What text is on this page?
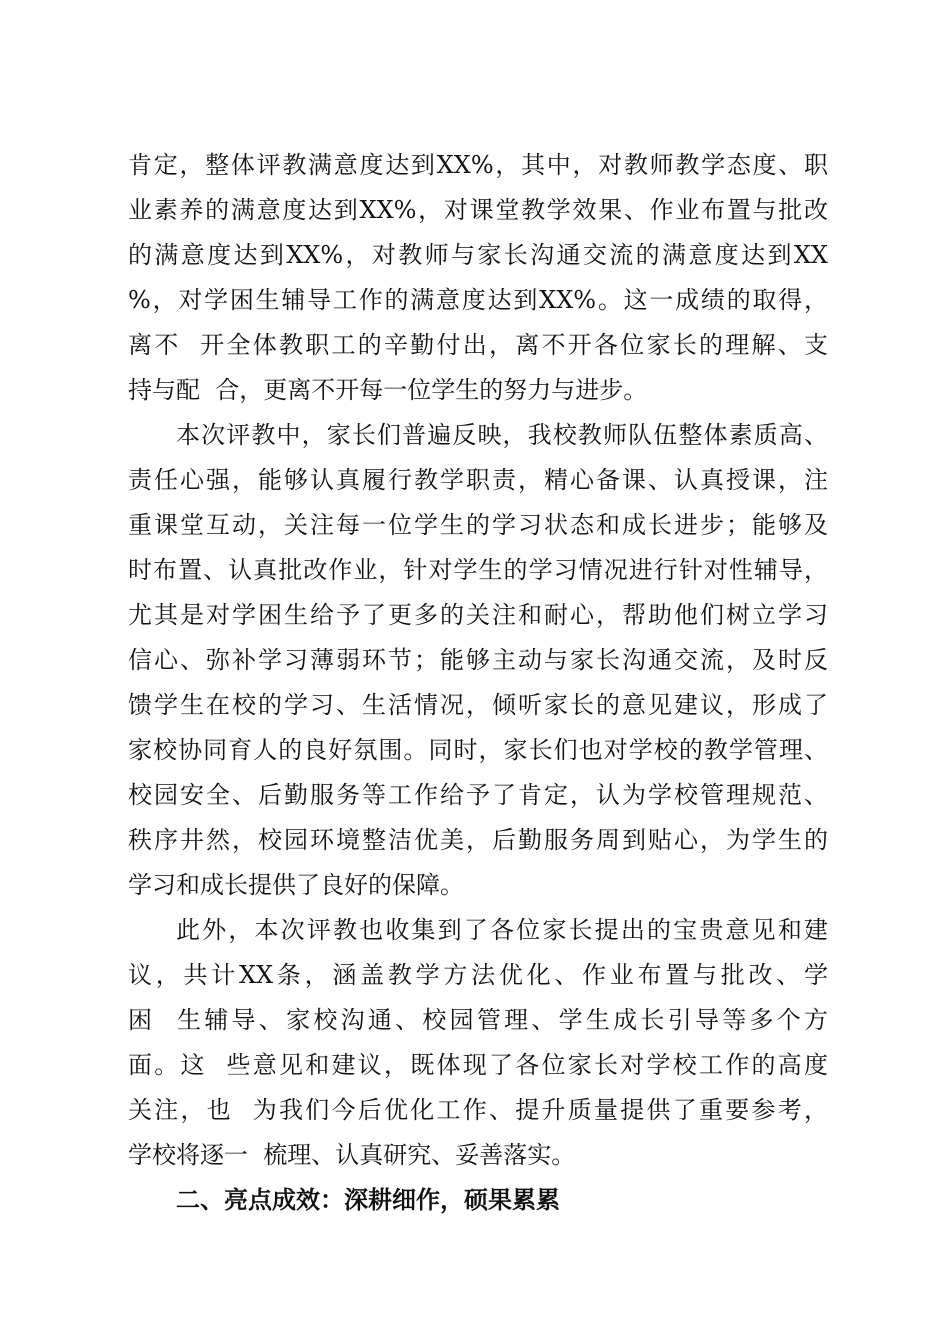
肯定，整体评教满意度达到XX%，其中，对教师教学态度、职
业素养的满意度达到XX%，对课堂教学效果、作业布置与批改
的满意度达到XX%，对教师与家长沟通交流的满意度达到XX
%，对学困生辅导工作的满意度达到XX%。这一成绩的取得，
离不  开全体教职工的辛勤付出，离不开各位家长的理解、支
持与配  合，更离不开每一位学生的努力与进步。
本次评教中，家长们普遍反映，我校教师队伍整体素质高、
责任心强，能够认真履行教学职责，精心备课、认真授课，注
重课堂互动，关注每一位学生的学习状态和成长进步；能够及
时布置、认真批改作业，针对学生的学习情况进行针对性辅导，
尤其是对学困生给予了更多的关注和耐心，帮助他们树立学习
信心、弥补学习薄弱环节；能够主动与家长沟通交流，及时反
馈学生在校的学习、生活情况，倾听家长的意见建议，形成了
家校协同育人的良好氛围。同时，家长们也对学校的教学管理、
校园安全、后勤服务等工作给予了肯定，认为学校管理规范、
秩序井然，校园环境整洁优美，后勤服务周到贴心，为学生的
学习和成长提供了良好的保障。
此外，本次评教也收集到了各位家长提出的宝贵意见和建
议，共计XX条，涵盖教学方法优化、作业布置与批改、学
困  生辅导、家校沟通、校园管理、学生成长引导等多个方
面。这  些意见和建议，既体现了各位家长对学校工作的高度
关注，也  为我们今后优化工作、提升质量提供了重要参考，
学校将逐一  梳理、认真研究、妥善落实。
二、亮点成效：深耕细作，硕果累累
